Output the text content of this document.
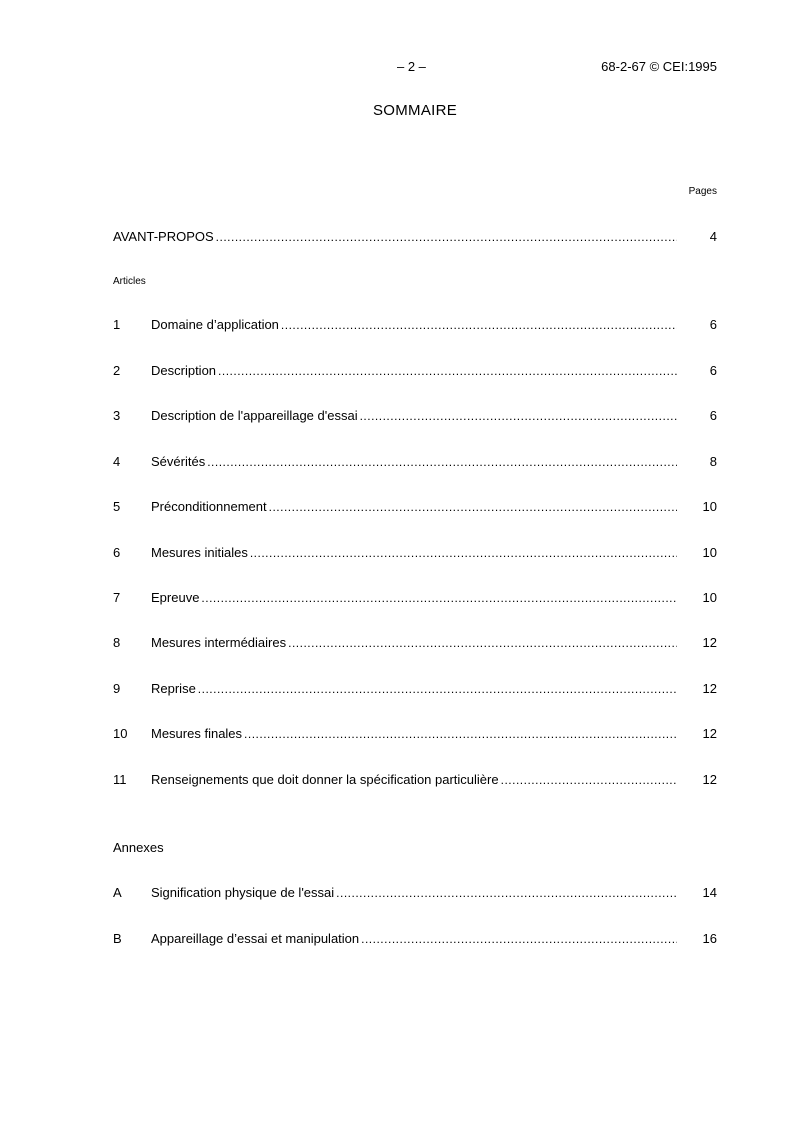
– 2 –	68-2-67 © CEI:1995
SOMMAIRE
Pages
AVANT-PROPOS .....	4
Articles
1	Domaine d’application .....	6
2	Description .....	6
3	Description de l'appareillage d'essai .....	6
4	Sévérités .....	8
5	Préconditionnement .....	10
6	Mesures initiales .....	10
7	Epreuve .....	10
8	Mesures intermédiaires .....	12
9	Reprise .....	12
10	Mesures finales .....	12
11	Renseignements que doit donner la spécification particulière .....	12
Annexes
A	Signification physique de l'essai .....	14
B	Appareillage d’essai et manipulation .....	16
